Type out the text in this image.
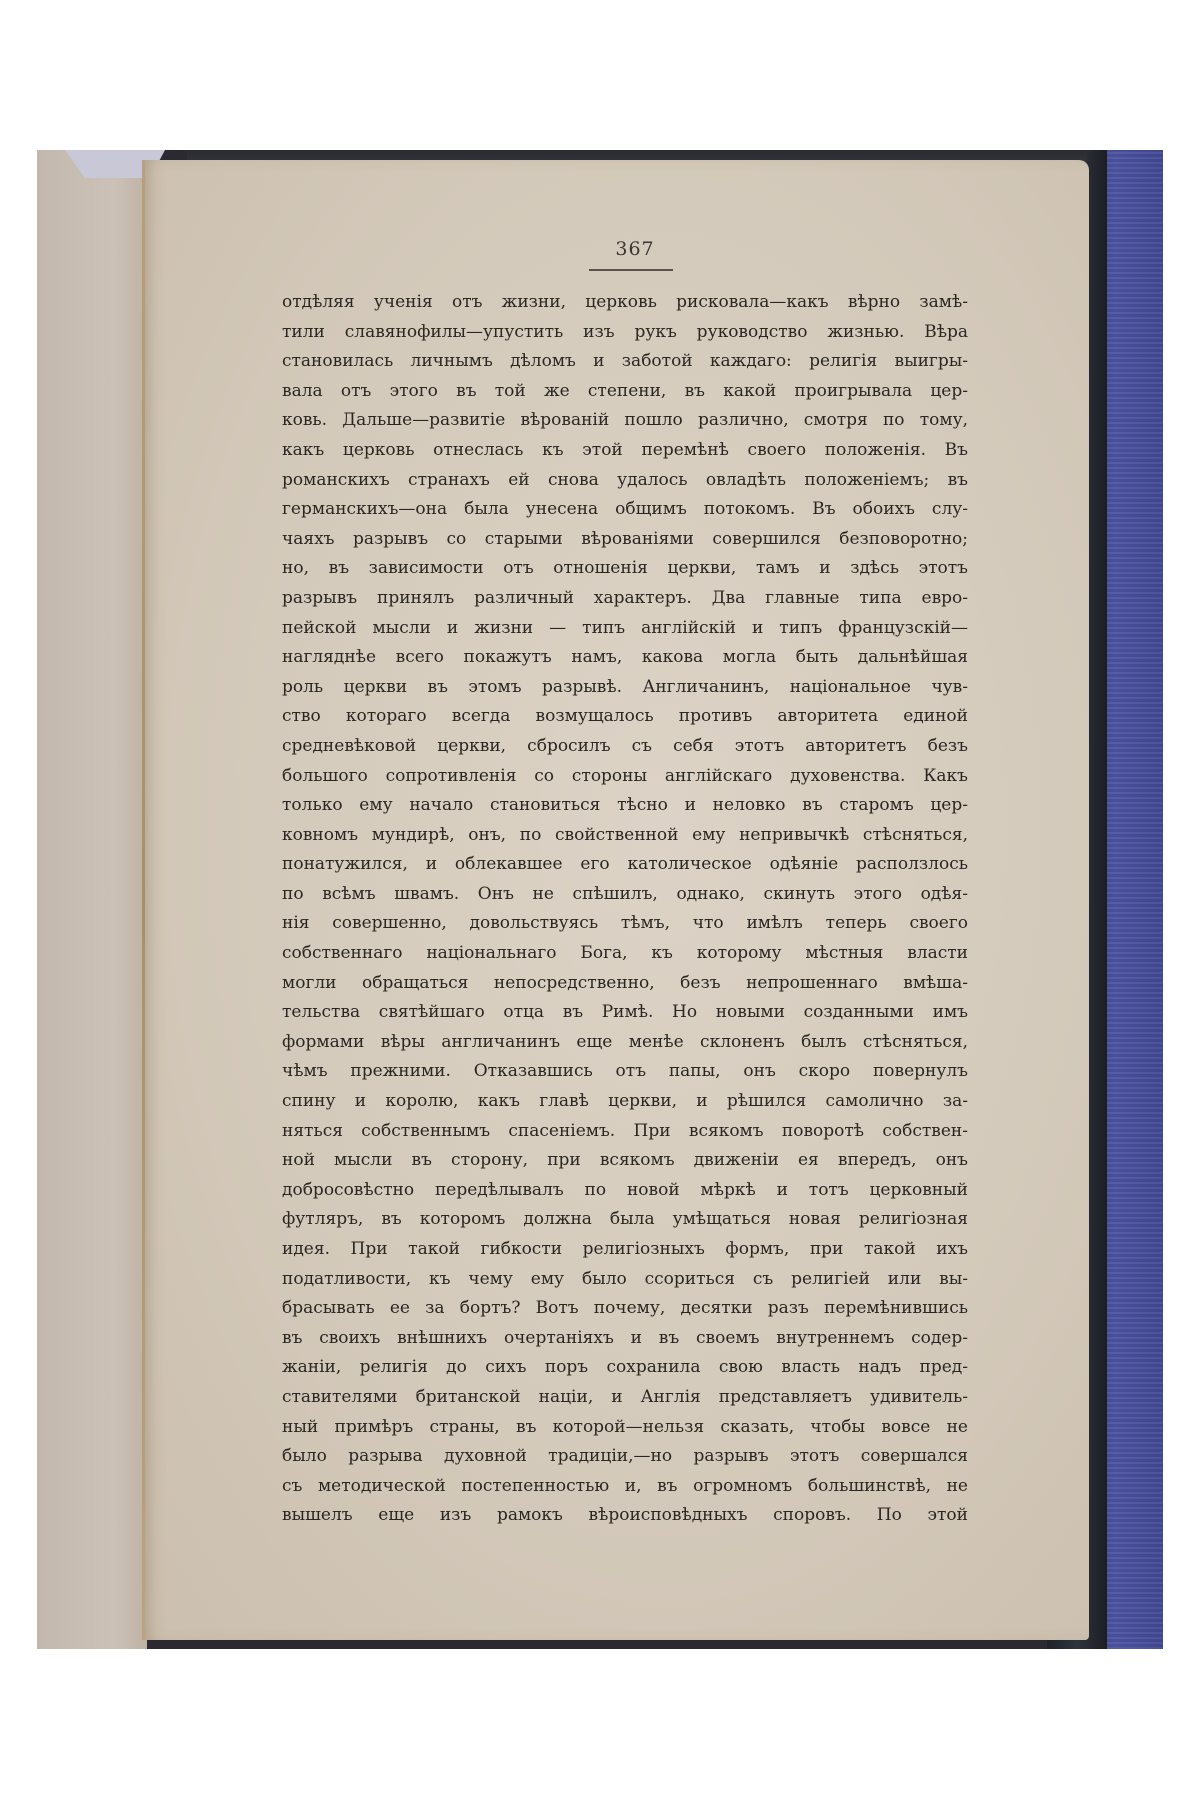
367
отдѣляя ученія отъ жизни, церковь рисковала—какъ вѣрно замѣ-
тили славянофилы—упустить изъ рукъ руководство жизнью. Вѣра
становилась личнымъ дѣломъ и заботой каждаго: религія выигры-
вала отъ этого въ той же степени, въ какой проигрывала цер-
ковь. Дальше—развитіе вѣрованій пошло различно, смотря по тому,
какъ церковь отнеслась къ этой перемѣнѣ своего положенія. Въ
романскихъ странахъ ей снова удалось овладѣть положеніемъ; въ
германскихъ—она была унесена общимъ потокомъ. Въ обоихъ слу-
чаяхъ разрывъ со старыми вѣрованіями совершился безповоротно;
но, въ зависимости отъ отношенія церкви, тамъ и здѣсь этотъ
разрывъ принялъ различный характеръ. Два главные типа евро-
пейской мысли и жизни — типъ англійскій и типъ французскій—
нагляднѣе всего покажутъ намъ, какова могла быть дальнѣйшая
роль церкви въ этомъ разрывѣ. Англичанинъ, національное чув-
ство котораго всегда возмущалось противъ авторитета единой
средневѣковой церкви, сбросилъ съ себя этотъ авторитетъ безъ
большого сопротивленія со стороны англійскаго духовенства. Какъ
только ему начало становиться тѣсно и неловко въ старомъ цер-
ковномъ мундирѣ, онъ, по свойственной ему непривычкѣ стѣсняться,
понатужился, и облекавшее его католическое одѣяніе расползлось
по всѣмъ швамъ. Онъ не спѣшилъ, однако, скинуть этого одѣя-
нія совершенно, довольствуясь тѣмъ, что имѣлъ теперь своего
собственнаго національнаго Бога, къ которому мѣстныя власти
могли обращаться непосредственно, безъ непрошеннаго вмѣша-
тельства святѣйшаго отца въ Римѣ. Но новыми созданными имъ
формами вѣры англичанинъ еще менѣе склоненъ былъ стѣсняться,
чѣмъ прежними. Отказавшись отъ папы, онъ скоро повернулъ
спину и королю, какъ главѣ церкви, и рѣшился самолично за-
няться собственнымъ спасеніемъ. При всякомъ поворотѣ собствен-
ной мысли въ сторону, при всякомъ движеніи ея впередъ, онъ
добросовѣстно передѣлывалъ по новой мѣркѣ и тотъ церковный
футляръ, въ которомъ должна была умѣщаться новая религіозная
идея. При такой гибкости религіозныхъ формъ, при такой ихъ
податливости, къ чему ему было ссориться съ религіей или вы-
брасывать ее за бортъ? Вотъ почему, десятки разъ перемѣнившись
въ своихъ внѣшнихъ очертаніяхъ и въ своемъ внутреннемъ содер-
жаніи, религія до сихъ поръ сохранила свою власть надъ пред-
ставителями британской націи, и Англія представляетъ удивитель-
ный примѣръ страны, въ которой—нельзя сказать, чтобы вовсе не
было разрыва духовной традиціи,—но разрывъ этотъ совершался
съ методической постепенностью и, въ огромномъ большинствѣ, не
вышелъ еще изъ рамокъ вѣроисповѣдныхъ споровъ. По этой
